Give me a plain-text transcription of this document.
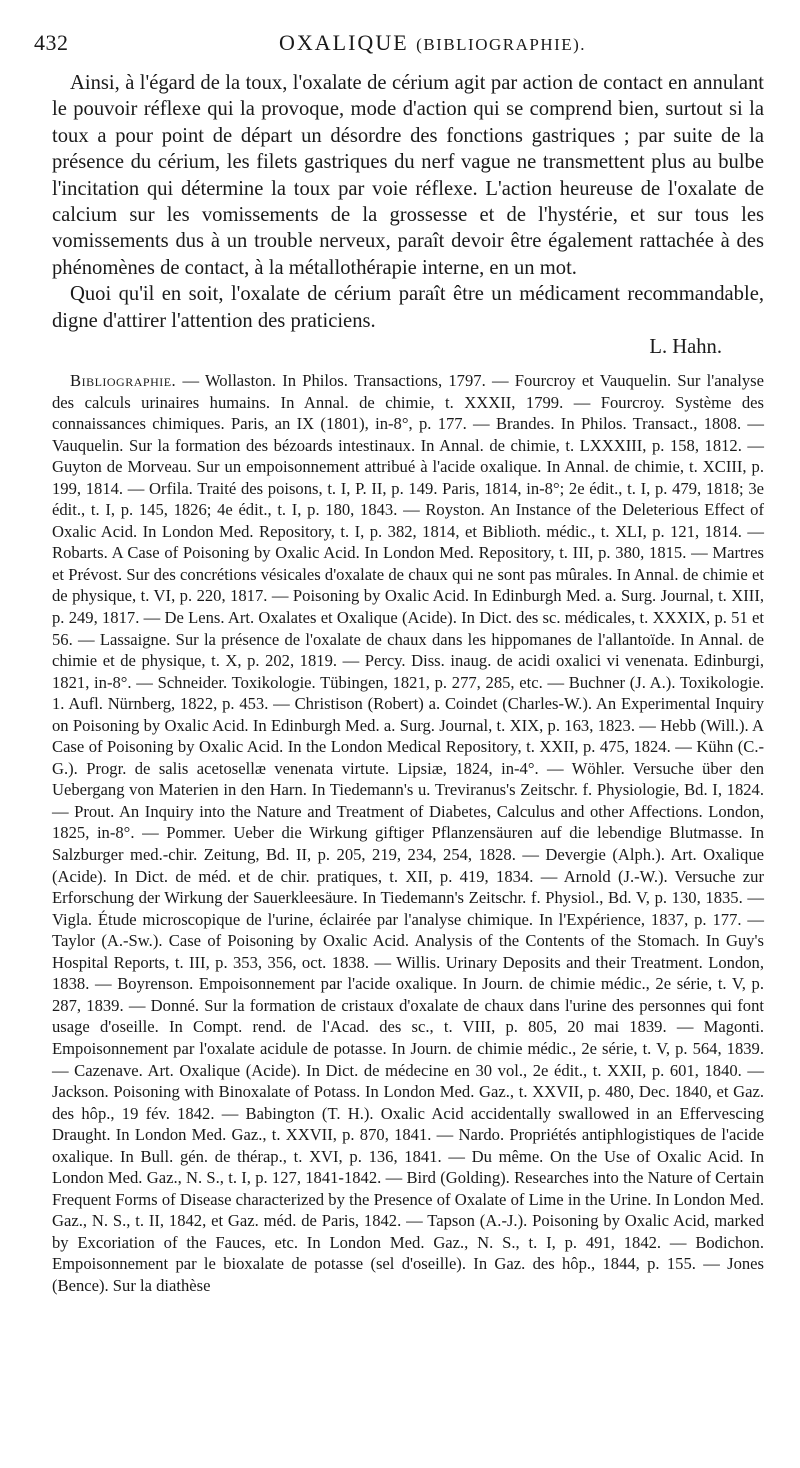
432	OXALIQUE (BIBLIOGRAPHIE).

Ainsi, à l'égard de la toux, l'oxalate de cérium agit par action de contact en annulant le pouvoir réflexe qui la provoque, mode d'action qui se comprend bien, surtout si la toux a pour point de départ un désordre des fonctions gastriques ; par suite de la présence du cérium, les filets gastriques du nerf vague ne transmettent plus au bulbe l'incitation qui détermine la toux par voie réflexe. L'action heureuse de l'oxalate de calcium sur les vomissements de la grossesse et de l'hystérie, et sur tous les vomissements dus à un trouble nerveux, paraît devoir être également rattachée à des phénomènes de contact, à la métallothérapie interne, en un mot.

Quoi qu'il en soit, l'oxalate de cérium paraît être un médicament recommandable, digne d'attirer l'attention des praticiens.

L. Hahn.

Bibliographie. — Wollaston. In Philos. Transactions, 1797. — Fourcroy et Vauquelin. Sur l'analyse des calculs urinaires humains. In Annal. de chimie, t. XXXII, 1799. — Fourcroy. Système des connaissances chimiques. Paris, an IX (1801), in-8°, p. 177. — Brandes. In Philos. Transact., 1808. — Vauquelin. Sur la formation des bézoards intestinaux. In Annal. de chimie, t. LXXXIII, p. 158, 1812. — Guyton de Morveau. Sur un empoisonnement attribué à l'acide oxalique. In Annal. de chimie, t. XCIII, p. 199, 1814. — Orfila. Traité des poisons, t. I, P. II, p. 149. Paris, 1814, in-8°; 2e édit., t. I, p. 479, 1818; 3e édit., t. I, p. 145, 1826; 4e édit., t. I, p. 180, 1843. — Royston. An Instance of the Deleterious Effect of Oxalic Acid. In London Med. Repository, t. I, p. 382, 1814, et Biblioth. médic., t. XLI, p. 121, 1814. — Robarts. A Case of Poisoning by Oxalic Acid. In London Med. Repository, t. III, p. 380, 1815. — Martres et Prévost. Sur des concrétions vésicales d'oxalate de chaux qui ne sont pas mûrales. In Annal. de chimie et de physique, t. VI, p. 220, 1817. — Poisoning by Oxalic Acid. In Edinburgh Med. a. Surg. Journal, t. XIII, p. 249, 1817. — De Lens. Art. Oxalates et Oxalique (Acide). In Dict. des sc. médicales, t. XXXIX, p. 51 et 56. — Lassaigne. Sur la présence de l'oxalate de chaux dans les hippomanes de l'allantoïde. In Annal. de chimie et de physique, t. X, p. 202, 1819. — Percy. Diss. inaug. de acidi oxalici vi venenata. Edinburgi, 1821, in-8°. — Schneider. Toxikologie. Tübingen, 1821, p. 277, 285, etc. — Buchner (J. A.). Toxikologie. 1. Aufl. Nürnberg, 1822, p. 453. — Christison (Robert) a. Coindet (Charles-W.). An Experimental Inquiry on Poisoning by Oxalic Acid. In Edinburgh Med. a. Surg. Journal, t. XIX, p. 163, 1823. — Hebb (Will.). A Case of Poisoning by Oxalic Acid. In the London Medical Repository, t. XXII, p. 475, 1824. — Kühn (C.-G.). Progr. de salis acetosellæ venenata virtute. Lipsiæ, 1824, in-4°. — Wöhler. Versuche über den Uebergang von Materien in den Harn. In Tiedemann's u. Treviranus's Zeitschr. f. Physiologie, Bd. I, 1824. — Prout. An Inquiry into the Nature and Treatment of Diabetes, Calculus and other Affections. London, 1825, in-8°. — Pommer. Ueber die Wirkung giftiger Pflanzensäuren auf die lebendige Blutmasse. In Salzburger med.-chir. Zeitung, Bd. II, p. 205, 219, 234, 254, 1828. — Devergie (Alph.). Art. Oxalique (Acide). In Dict. de méd. et de chir. pratiques, t. XII, p. 419, 1834. — Arnold (J.-W.). Versuche zur Erforschung der Wirkung der Sauerkleesäure. In Tiedemann's Zeitschr. f. Physiol., Bd. V, p. 130, 1835. — Vigla. Étude microscopique de l'urine, éclairée par l'analyse chimique. In l'Expérience, 1837, p. 177. — Taylor (A.-Sw.). Case of Poisoning by Oxalic Acid. Analysis of the Contents of the Stomach. In Guy's Hospital Reports, t. III, p. 353, 356, oct. 1838. — Willis. Urinary Deposits and their Treatment. London, 1838. — Boyrenson. Empoisonnement par l'acide oxalique. In Journ. de chimie médic., 2e série, t. V, p. 287, 1839. — Donné. Sur la formation de cristaux d'oxalate de chaux dans l'urine des personnes qui font usage d'oseille. In Compt. rend. de l'Acad. des sc., t. VIII, p. 805, 20 mai 1839. — Magonti. Empoisonnement par l'oxalate acidule de potasse. In Journ. de chimie médic., 2e série, t. V, p. 564, 1839. — Cazenave. Art. Oxalique (Acide). In Dict. de médecine en 30 vol., 2e édit., t. XXII, p. 601, 1840. — Jackson. Poisoning with Binoxalate of Potass. In London Med. Gaz., t. XXVII, p. 480, Dec. 1840, et Gaz. des hôp., 19 fév. 1842. — Babington (T. H.). Oxalic Acid accidentally swallowed in an Effervescing Draught. In London Med. Gaz., t. XXVII, p. 870, 1841. — Nardo. Propriétés antiphlogistiques de l'acide oxalique. In Bull. gén. de thérap., t. XVI, p. 136, 1841. — Du même. On the Use of Oxalic Acid. In London Med. Gaz., N. S., t. I, p. 127, 1841-1842. — Bird (Golding). Researches into the Nature of Certain Frequent Forms of Disease characterized by the Presence of Oxalate of Lime in the Urine. In London Med. Gaz., N. S., t. II, 1842, et Gaz. méd. de Paris, 1842. — Tapson (A.-J.). Poisoning by Oxalic Acid, marked by Excoriation of the Fauces, etc. In London Med. Gaz., N. S., t. I, p. 491, 1842. — Bodichon. Empoisonnement par le bioxalate de potasse (sel d'oseille). In Gaz. des hôp., 1844, p. 155. — Jones (Bence). Sur la diathèse
